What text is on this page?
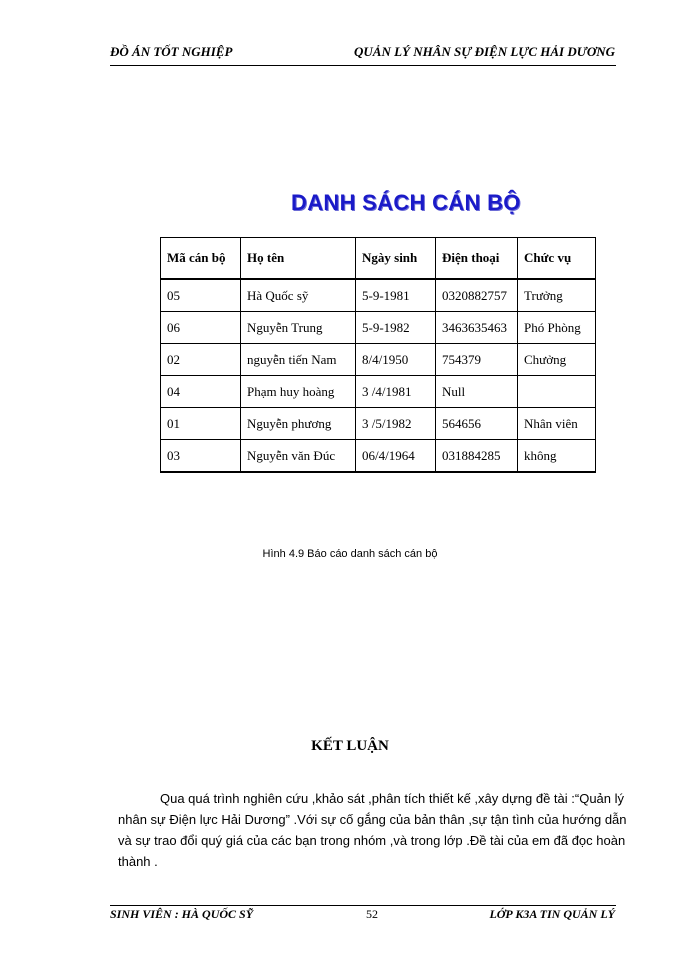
ĐỒ ÁN TỐT NGHIỆP	QUẢN LÝ NHÂN SỰ ĐIỆN LỰC HẢI DƯƠNG
DANH SÁCH CÁN BỘ
Mã cán bộ	Họ tên	Ngày sinh	Điện thoại	Chức vụ
05	Hà Quốc sỹ	5-9-1981	0320882757	Trưởng
06	Nguyễn Trung	5-9-1982	3463635463	Phó Phòng
02	nguyễn tiến Nam	8/4/1950	754379	Chưởng
04	Phạm huy hoàng	3 /4/1981	Null	
01	Nguyễn phương	3 /5/1982	564656	Nhân viên
03	Nguyễn văn Đúc	06/4/1964	031884285	không
Hình 4.9 Báo cáo danh sách cán bộ
KẾT LUẬN
Qua quá trình nghiên cứu ,khảo sát ,phân tích thiết kế ,xây dựng đề tài :“Quản lý nhân sự Điện lực Hải Dương” .Với sự cố gắng của bản thân ,sự tận tình của hướng dẫn và sự trao đổi quý giá của các bạn trong nhóm ,và trong lớp .Đề tài của em đã đọc hoàn thành .
SINH VIÊN : HÀ QUỐC SỸ	52	LỚP K3A TIN QUẢN LÝ
